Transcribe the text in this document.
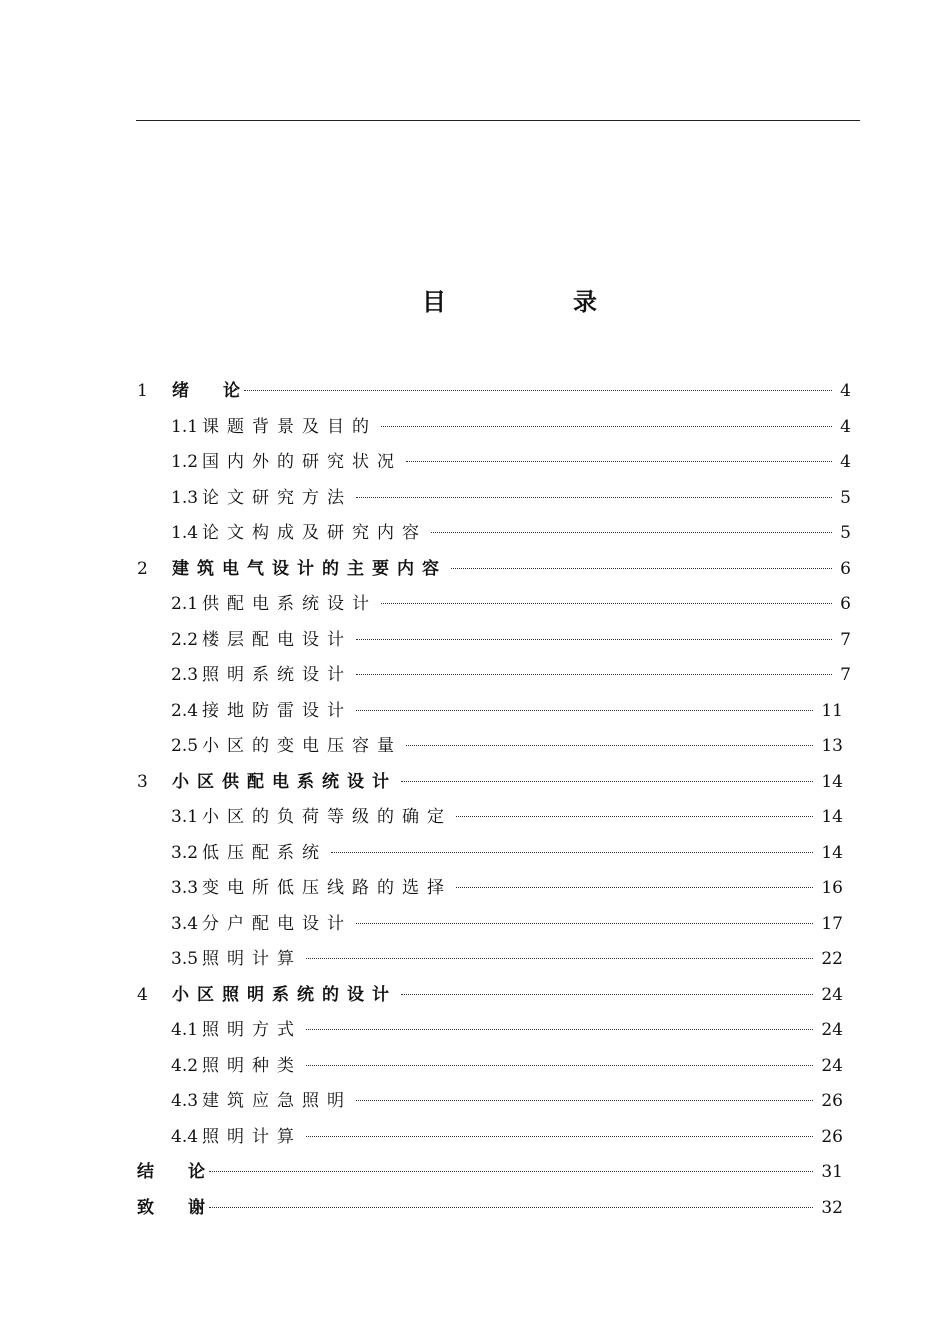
目	录
1	绪  论	4
1.1 课题背景及目的	4
1.2 国内外的研究状况	4
1.3 论文研究方法	5
1.4 论文构成及研究内容	5
2	建筑电气设计的主要内容	6
2.1 供配电系统设计	6
2.2 楼层配电设计	7
2.3 照明系统设计	7
2.4 接地防雷设计	11
2.5 小区的变电压容量	13
3	小区供配电系统设计	14
3.1 小区的负荷等级的确定	14
3.2 低压配系统	14
3.3 变电所低压线路的选择	16
3.4 分户配电设计	17
3.5 照明计算	22
4	小区照明系统的设计	24
4.1 照明方式	24
4.2 照明种类	24
4.3 建筑应急照明	26
4.4 照明计算	26
结  论	31
致  谢	32
